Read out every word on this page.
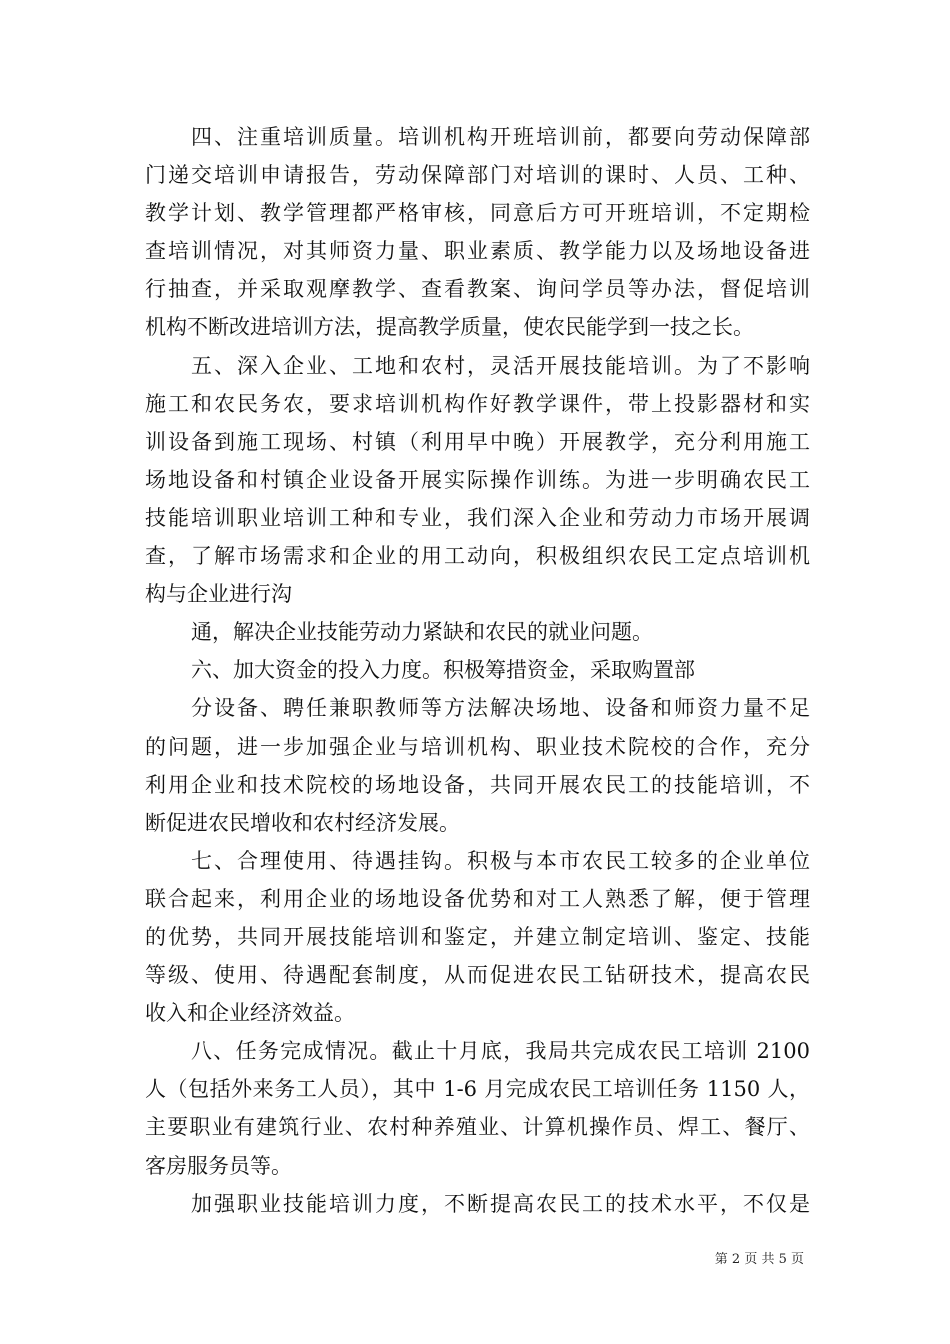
四、注重培训质量。培训机构开班培训前，都要向劳动保障部
门递交培训申请报告，劳动保障部门对培训的课时、人员、工种、
教学计划、教学管理都严格审核，同意后方可开班培训，不定期检
查培训情况，对其师资力量、职业素质、教学能力以及场地设备进
行抽查，并采取观摩教学、查看教案、询问学员等办法，督促培训
机构不断改进培训方法，提高教学质量，使农民能学到一技之长。
五、深入企业、工地和农村，灵活开展技能培训。为了不影响
施工和农民务农，要求培训机构作好教学课件，带上投影器材和实
训设备到施工现场、村镇（利用早中晚）开展教学，充分利用施工
场地设备和村镇企业设备开展实际操作训练。为进一步明确农民工
技能培训职业培训工种和专业，我们深入企业和劳动力市场开展调
查，了解市场需求和企业的用工动向，积极组织农民工定点培训机
构与企业进行沟
通，解决企业技能劳动力紧缺和农民的就业问题。
六、加大资金的投入力度。积极筹措资金，采取购置部
分设备、聘任兼职教师等方法解决场地、设备和师资力量不足
的问题，进一步加强企业与培训机构、职业技术院校的合作，充分
利用企业和技术院校的场地设备，共同开展农民工的技能培训，不
断促进农民增收和农村经济发展。
七、合理使用、待遇挂钩。积极与本市农民工较多的企业单位
联合起来，利用企业的场地设备优势和对工人熟悉了解，便于管理
的优势，共同开展技能培训和鉴定，并建立制定培训、鉴定、技能
等级、使用、待遇配套制度，从而促进农民工钻研技术，提高农民
收入和企业经济效益。
八、任务完成情况。截止十月底，我局共完成农民工培训 2100
人（包括外来务工人员），其中 1-6 月完成农民工培训任务 1150 人，
主要职业有建筑行业、农村种养殖业、计算机操作员、焊工、餐厅、
客房服务员等。
加强职业技能培训力度，不断提高农民工的技术水平，不仅是
第 2 页 共 5 页
